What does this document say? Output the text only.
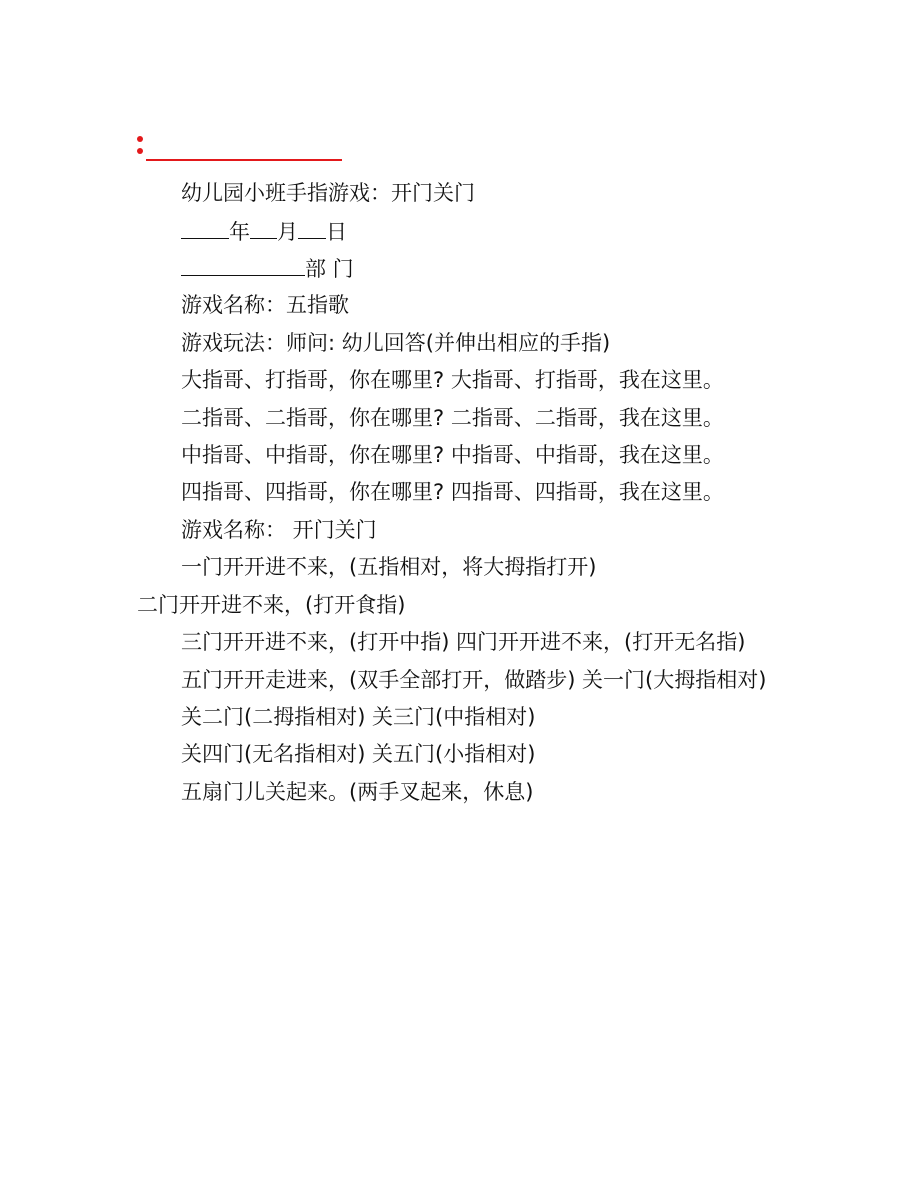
幼儿园小班手指游戏：开门关门
年 月 日
部 门
游戏名称：五指歌
游戏玩法：师问: 幼儿回答(并伸出相应的手指)
大指哥、打指哥，你在哪里? 大指哥、打指哥，我在这里。
二指哥、二指哥，你在哪里? 二指哥、二指哥，我在这里。
中指哥、中指哥，你在哪里? 中指哥、中指哥，我在这里。
四指哥、四指哥，你在哪里? 四指哥、四指哥，我在这里。
游戏名称： 开门关门
一门开开进不来，(五指相对，将大拇指打开)
二门开开进不来，(打开食指)
三门开开进不来，(打开中指) 四门开开进不来，(打开无名指)
五门开开走进来，(双手全部打开，做踏步) 关一门(大拇指相对)
关二门(二拇指相对) 关三门(中指相对)
关四门(无名指相对) 关五门(小指相对)
五扇门儿关起来。(两手叉起来，休息)
